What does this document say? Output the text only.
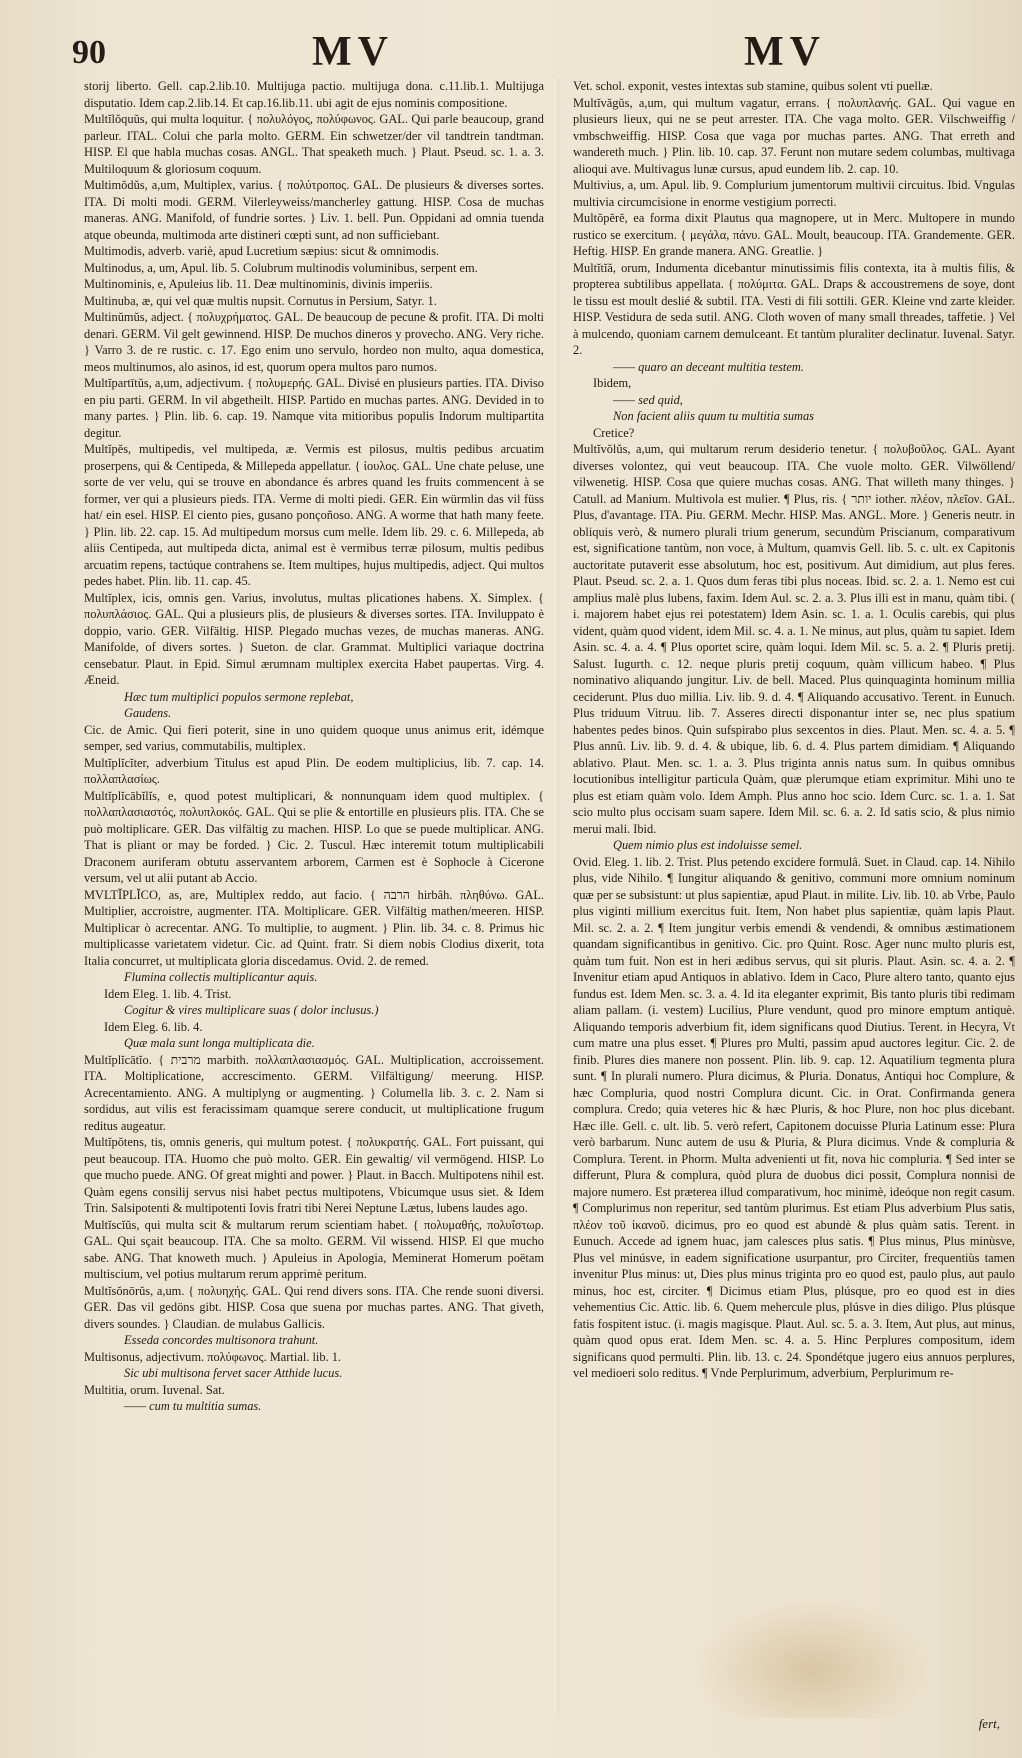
90	MV	MV

storij liberto. Gell. cap.2.lib.10. Multijuga pactio. multijuga dona. c.11.lib.1. Multijuga disputatio. Idem cap.2.lib.14. Et cap.16.lib.11. ubi agit de ejus nominis compositione.

Multĭlŏquŭs, qui multa loquitur. { πολυλόγος, πολύφωνος. GAL. Qui parle beaucoup, grand parleur. ITAL. Colui che parla molto. GERM. Ein schwetzer/der vil tandtrein tandtman. HISP. El que habla muchas cosas. ANGL. That speaketh much. } Plaut. Pseud. sc. 1. a. 3. Multiloquum & gloriosum coquum.

Multimŏdŭs, a,um, Multiplex, varius. { πολύτροπος. GAL. De plusieurs & diverses sortes. ITA. Di molti modi. GERM. Vilerleyweiss/mancherley gattung. HISP. Cosa de muchas maneras. ANG. Manifold, of fundrie sortes. } Liv. 1. bell. Pun. Oppidani ad omnia tuenda atque obeunda, multimoda arte distineri cœpti sunt, ad non sufficiebant.

Multimodis, adverb. variè, apud Lucretium sæpius: sicut & omnimodis.

Multinodus, a, um, Apul. lib. 5. Colubrum multinodis voluminibus, serpent em.

Multinominis, e, Apuleius lib. 11. Deæ multinominis, divinis imperiis.

Multinuba, æ, qui vel quæ multis nupsit. Cornutus in Persium, Satyr. 1.

Multinŭmŭs, adject. { πολυχρήματος. GAL. De beaucoup de pecune & profit. ITA. Di molti denari. GERM. Vil gelt gewinnend. HISP. De muchos dineros y provecho. ANG. Very riche. } Varro 3. de re rustic. c. 17. Ego enim uno servulo, hordeo non multo, aqua domestica, meos multinumos, alo asinos, id est, quorum opera multos paro numos.

Multĭpartītŭs, a,um, adjectivum. { πολυμερής. GAL. Divisé en plusieurs parties. ITA. Diviso en piu parti. GERM. In vil abgetheilt. HISP. Partido en muchas partes. ANG. Devided in to many partes. } Plin. lib. 6. cap. 19. Namque vita mitioribus populis Indorum multipartita degitur.

Multĭpĕs, multipedis, vel multipeda, æ. Vermis est pilosus, multis pedibus arcuatim proserpens, qui & Centipeda, & Millepeda appellatur. { ἰουλος. GAL. Une chate peluse, une sorte de ver velu, qui se trouve en abondance és arbres quand les fruits commencent à se former, ver qui a plusieurs pieds. ITA. Verme di molti piedi. GER. Ein würmlin das vil füss hat/ ein esel. HISP. El ciento pies, gusano ponçoñoso. ANG. A worme that hath many feete. } Plin. lib. 22. cap. 15. Ad multipedum morsus cum melle. Idem lib. 29. c. 6. Millepeda, ab aliis Centipeda, aut multipeda dicta, animal est è vermibus terræ pilosum, multis pedibus arcuatim repens, tactúque contrahens se. Item multipes, hujus multipedis, adject. Qui multos pedes habet. Plin. lib. 11. cap. 45.

Multĭplex, icis, omnis gen. Varius, involutus, multas plicationes habens. X. Simplex. { πολυπλάσιος. GAL. Qui a plusieurs plis, de plusieurs & diverses sortes. ITA. Inviluppato è doppio, vario. GER. Vilfältig. HISP. Plegado muchas vezes, de muchas maneras. ANG. Manifolde, of divers sortes. } Sueton. de clar. Grammat. Multiplici variaque doctrina censebatur. Plaut. in Epid. Simul ærumnam multiplex exercita Habet paupertas. Virg. 4. Æneid.

Hæc tum multiplici populos sermone replebat,

Gaudens.

Cic. de Amic. Qui fieri poterit, sine in uno quidem quoque unus animus erit, idémque semper, sed varius, commutabilis, multiplex.

Multĭplĭcĭter, adverbium Titulus est apud Plin. De eodem multiplicius, lib. 7. cap. 14. πολλαπλασίως.

Multĭplĭcābĭlĭs, e, quod potest multiplicari, & nonnunquam idem quod multiplex. { πολλαπλασιαστός, πολυπλοκός. GAL. Qui se plie & entortille en plusieurs plis. ITA. Che se può moltiplicare. GER. Das vilfältig zu machen. HISP. Lo que se puede multiplicar. ANG. That is pliant or may be forded. } Cic. 2. Tuscul. Hæc interemit totum multiplicabili Draconem auriferam obtutu asservantem arborem, Carmen est è Sophocle à Cicerone versum, vel ut alii putant ab Accio.

MVLTĬPLĬCO, as, are, Multiplex reddo, aut facio. { הרבה hirbâh. πληθύνω. GAL. Multiplier, accroistre, augmenter. ITA. Moltiplicare. GER. Vilfältig mathen/meeren. HISP. Multiplicar ò acrecentar. ANG. To multiplie, to augment. } Plin. lib. 34. c. 8. Primus hic multiplicasse varietatem videtur. Cic. ad Quint. fratr. Si diem nobis Clodius dixerit, tota Italia concurret, ut multiplicata gloria discedamus. Ovid. 2. de remed.

Flumina collectis multiplicantur aquis.

Idem Eleg. 1. lib. 4. Trist.

Cogitur & vires multiplicare suas ( dolor inclusus.)

Idem Eleg. 6. lib. 4.

Quæ mala sunt longa multiplicata die.

Multĭplĭcātĭo. { מרבית marbith. πολλαπλασιασμός. GAL. Multiplication, accroissement. ITA. Moltiplicatione, accrescimento. GERM. Vilfältigung/ meerung. HISP. Acrecentamiento. ANG. A multiplyng or augmenting. } Columella lib. 3. c. 2. Nam si sordidus, aut vilis est feracissimam quamque serere conducit, ut multiplicatione frugum reditus augeatur.

Multĭpŏtens, tis, omnis generis, qui multum potest. { πολυκρατής. GAL. Fort puissant, qui peut beaucoup. ITA. Huomo che può molto. GER. Ein gewaltig/ vil vermögend. HISP. Lo que mucho puede. ANG. Of great mighti and power. } Plaut. in Bacch. Multipotens nihil est. Quàm egens consilij servus nisi habet pectus multipotens, Vbicumque usus siet. & Idem Trin. Salsipotenti & multipotenti Iovis fratri tibi Nerei Neptune Lætus, lubens laudes ago.

Multĭscĭŭs, qui multa scit & multarum rerum scientiam habet. { πολυμαθής, πολυΐστωρ. GAL. Qui sçait beaucoup. ITA. Che sa molto. GERM. Vil wissend. HISP. El que mucho sabe. ANG. That knoweth much. } Apuleius in Apologia, Meminerat Homerum poëtam multiscium, vel potius multarum rerum apprimè peritum.

Multĭsŏnōrŭs, a,um. { πολυηχής. GAL. Qui rend divers sons. ITA. Che rende suoni diversi. GER. Das vil gedöns gibt. HISP. Cosa que suena por muchas partes. ANG. That giveth, divers soundes. } Claudian. de mulabus Gallicis.

Esseda concordes multisonora trahunt.

Multisonus, adjectivum. πολύφωνος. Martial. lib. 1.

Sic ubi multisona fervet sacer Atthide lucus.

Multitia, orum. Iuvenal. Sat.

—— cum tu multitia sumas.

Vet. schol. exponit, vestes intextas sub stamine, quibus solent vti puellæ.

Multĭvăgŭs, a,um, qui multum vagatur, errans. { πολυπλανής. GAL. Qui vague en plusieurs lieux, qui ne se peut arrester. ITA. Che vaga molto. GER. Vilschweiffig / vmbschweiffig. HISP. Cosa que vaga por muchas partes. ANG. That erreth and wandereth much. } Plin. lib. 10. cap. 37. Ferunt non mutare sedem columbas, multivaga alioqui ave. Multivagus lunæ cursus, apud eundem lib. 2. cap. 10.

Multivius, a, um. Apul. lib. 9. Complurium jumentorum multivii circuitus. Ibid. Vngulas multivia circumcisione in enorme vestigium porrecti.

Multŏpĕrĕ, ea forma dixit Plautus qua magnopere, ut in Merc. Multopere in mundo rustico se exercitum. { μεγάλα, πάνυ. GAL. Moult, beaucoup. ITA. Grandemente. GER. Heftig. HISP. En grande manera. ANG. Greatlie. }

Multĭtĭă, orum, Indumenta dicebantur minutissimis filis contexta, ita à multis filis, & propterea subtilibus appellata. { πολύμιτα. GAL. Draps & accoustremens de soye, dont le tissu est moult deslié & subtil. ITA. Vesti di fili sottili. GER. Kleine vnd zarte kleider. HISP. Vestidura de seda sutil. ANG. Cloth woven of many small threades, taffetie. } Vel à mulcendo, quoniam carnem demulceant. Et tantùm pluraliter declinatur. Iuvenal. Satyr. 2.

—— quaro an deceant multitia testem.

Ibidem,

—— sed quid,

Non facient aliis quum tu multitia sumas

Cretice?

Multĭvŏlŭs, a,um, qui multarum rerum desiderio tenetur. { πολυβοῦλος. GAL. Ayant diverses volontez, qui veut beaucoup. ITA. Che vuole molto. GER. Vilwöllend/ vilwenetig. HISP. Cosa que quiere muchas cosas. ANG. That willeth many thinges. } Catull. ad Manium. Multivola est mulier. ¶ Plus, ris. { יותר iother. πλέον, πλεῖον. GAL. Plus, d'avantage. ITA. Piu. GERM. Mechr. HISP. Mas. ANGL. More. } Generis neutr. in obliquis verò, & numero plurali trium generum, secundùm Priscianum, comparativum est, significatione tantùm, non voce, à Multum, quamvis Gell. lib. 5. c. ult. ex Capitonis auctoritate putaverit esse absolutum, hoc est, positivum. Aut dimidium, aut plus feres. Plaut. Pseud. sc. 2. a. 1. Quos dum feras tibi plus noceas. Ibid. sc. 2. a. 1. Nemo est cui amplius malè plus lubens, faxim. Idem Aul. sc. 2. a. 3. Plus illi est in manu, quàm tibi. ( i. majorem habet ejus rei potestatem) Idem Asin. sc. 1. a. 1. Oculis carebis, qui plus vident, quàm quod vident, idem Mil. sc. 4. a. 1. Ne minus, aut plus, quàm tu sapiet. Idem Asin. sc. 4. a. 4. ¶ Plus oportet scire, quàm loqui. Idem Mil. sc. 5. a. 2. ¶ Pluris pretij. Salust. Iugurth. c. 12. neque pluris pretij coquum, quàm villicum habeo. ¶ Plus nominativo aliquando jungitur. Liv. de bell. Maced. Plus quinquaginta hominum millia ceciderunt. Plus duo millia. Liv. lib. 9. d. 4. ¶ Aliquando accusativo. Terent. in Eunuch. Plus triduum Vitruu. lib. 7. Asseres directi disponantur inter se, nec plus spatium habentes pedes binos. Quin sufspirabo plus sexcentos in dies. Plaut. Men. sc. 4. a. 5. ¶ Plus annû. Liv. lib. 9. d. 4. & ubique, lib. 6. d. 4. Plus partem dimidiam. ¶ Aliquando ablativo. Plaut. Men. sc. 1. a. 3. Plus triginta annis natus sum. In quibus omnibus locutionibus intelligitur particula Quàm, quæ plerumque etiam exprimitur. Mihi uno te plus est etiam quàm volo. Idem Amph. Plus anno hoc scio. Idem Curc. sc. 1. a. 1. Sat scio multo plus occisam suam sapere. Idem Mil. sc. 6. a. 2. Id satis scio, & plus nimio merui mali. Ibid.

Quem nimio plus est indoluisse semel.

Ovid. Eleg. 1. lib. 2. Trist. Plus petendo excidere formulâ. Suet. in Claud. cap. 14. Nihilo plus, vide Nihilo. ¶ Iungitur aliquando & genitivo, communi more omnium nominum quæ per se subsistunt: ut plus sapientiæ, apud Plaut. in milite. Liv. lib. 10. ab Vrbe, Paulo plus viginti millium exercitus fuit. Item, Non habet plus sapientiæ, quàm lapis Plaut. Mil. sc. 2. a. 2. ¶ Item jungitur verbis emendi & vendendi, & omnibus æstimationem quandam significantibus in genitivo. Cic. pro Quint. Rosc. Ager nunc multo pluris est, quàm tum fuit. Non est in heri ædibus servus, qui sit pluris. Plaut. Asin. sc. 4. a. 2. ¶ Invenitur etiam apud Antiquos in ablativo. Idem in Caco, Plure altero tanto, quanto ejus fundus est. Idem Men. sc. 3. a. 4. Id ita eleganter exprimit, Bis tanto pluris tibi redimam aliam pallam. (i. vestem) Lucilius, Plure vendunt, quod pro minore emptum antiquè. Aliquando temporis adverbium fit, idem significans quod Diutius. Terent. in Hecyra, Vt cum matre una plus esset. ¶ Plures pro Multi, passim apud auctores legitur. Cic. 2. de finib. Plures dies manere non possent. Plin. lib. 9. cap. 12. Aquatilium tegmenta plura sunt. ¶ In plurali numero. Plura dicimus, & Pluria. Donatus, Antiqui hoc Complure, & hæc Compluria, quod nostri Complura dicunt. Cic. in Orat. Confirmanda genera complura. Credo; quia veteres hic & hæc Pluris, & hoc Plure, non hoc plus dicebant. Hæc ille. Gell. c. ult. lib. 5. verò refert, Capitonem docuisse Pluria Latinum esse: Plura verò barbarum. Nunc autem de usu & Pluria, & Plura dicimus. Vnde & compluria & Complura. Terent. in Phorm. Multa advenienti ut fit, nova hic compluria. ¶ Sed inter se differunt, Plura & complura, quòd plura de duobus dici possit, Complura nonnisi de majore numero. Est præterea illud comparativum, hoc minimè, ideóque non regit casum. ¶ Complurimus non reperitur, sed tantùm plurimus. Est etiam Plus adverbium Plus satis, πλέον τοῦ ἱκανοῦ. dicimus, pro eo quod est abundè & plus quàm satis. Terent. in Eunuch. Accede ad ignem huac, jam calesces plus satis. ¶ Plus minus, Plus minùsve, Plus vel minúsve, in eadem significatione usurpantur, pro Circiter, frequentiùs tamen invenitur Plus minus: ut, Dies plus minus triginta pro eo quod est, paulo plus, aut paulo minus, hoc est, circiter. ¶ Dicimus etiam Plus, plúsque, pro eo quod est in dies vehementius Cic. Attic. lib. 6. Quem mehercule plus, plúsve in dies diligo. Plus plúsque fatis fospitent istuc. (i. magis magisque. Plaut. Aul. sc. 5. a. 3. Item, Aut plus, aut minus, quàm quod opus erat. Idem Men. sc. 4. a. 5. Hinc Perplures compositum, idem significans quod permulti. Plin. lib. 13. c. 24. Spondétque jugero eius annuos perplures, vel medioeri solo reditus. ¶ Vnde Perplurimum, adverbium, Perplurimum re-

fert,
